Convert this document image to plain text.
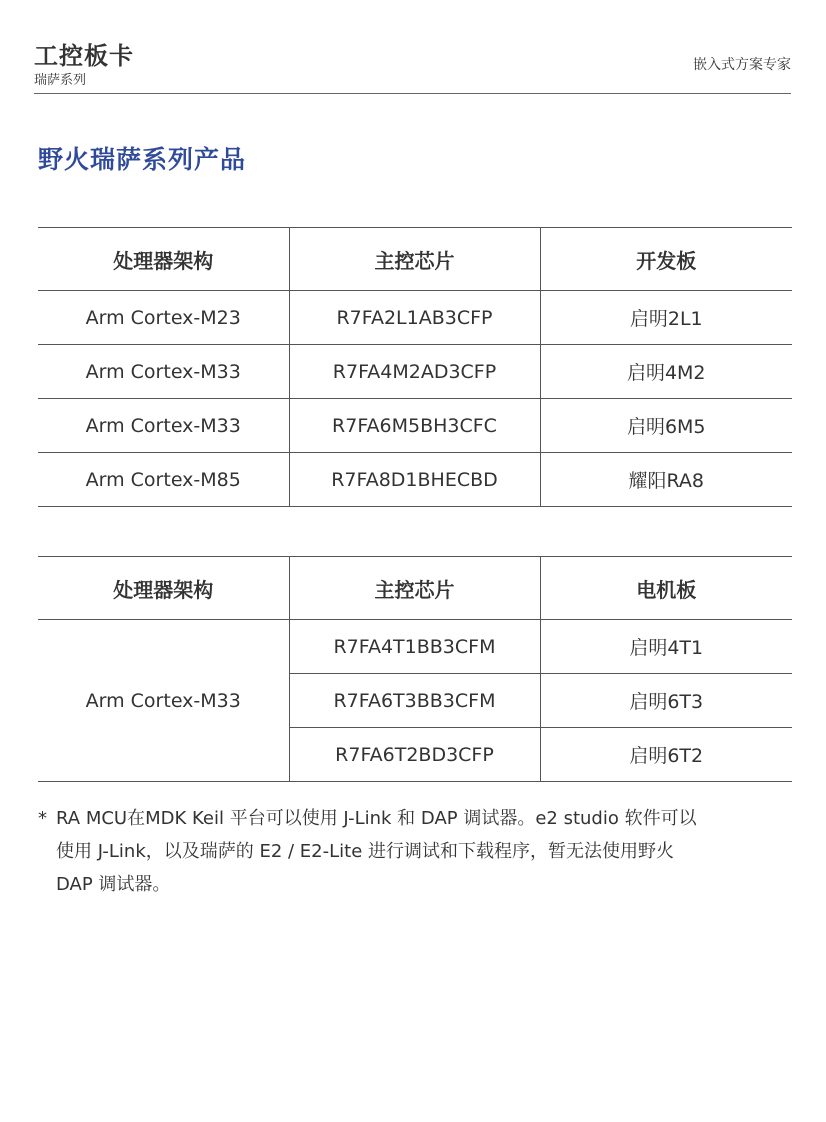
工控板卡
瑞萨系列
嵌入式方案专家
野火瑞萨系列产品
处理器架构	主控芯片	开发板
Arm Cortex-M23	R7FA2L1AB3CFP	启明2L1
Arm Cortex-M33	R7FA4M2AD3CFP	启明4M2
Arm Cortex-M33	R7FA6M5BH3CFC	启明6M5
Arm Cortex-M85	R7FA8D1BHECBD	耀阳RA8
处理器架构	主控芯片	电机板
Arm Cortex-M33	R7FA4T1BB3CFM	启明4T1
	R7FA6T3BB3CFM	启明6T3
	R7FA6T2BD3CFP	启明6T2
* RA MCU在MDK Keil 平台可以使用 J-Link 和 DAP 调试器。e2 studio 软件可以
使用 J-Link，以及瑞萨的 E2 / E2-Lite 进行调试和下载程序，暂无法使用野火
DAP 调试器。
